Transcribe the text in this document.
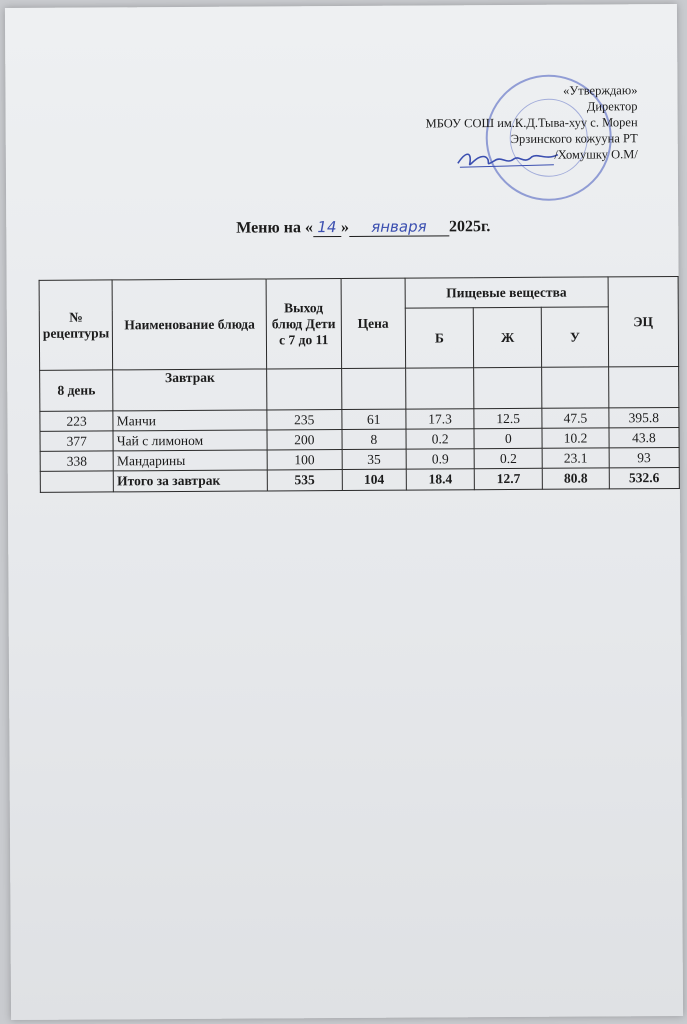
«Утверждаю»
Директор
МБОУ СОШ им.К.Д.Тыва-хуу с. Морен
Эрзинского кожууна РТ
/Хомушку О.М/
Меню на « 14 » января 2025г.
№ рецептуры	Наименование блюда	Выход блюд Дети с 7 до 11	Цена	Пищевые вещества			ЭЦ
				Б	Ж	У	
8 день	Завтрак						
223	Манчи	235	61	17.3	12.5	47.5	395.8
377	Чай с лимоном	200	8	0.2	0	10.2	43.8
338	Мандарины	100	35	0.9	0.2	23.1	93
	Итого за завтрак	535	104	18.4	12.7	80.8	532.6
